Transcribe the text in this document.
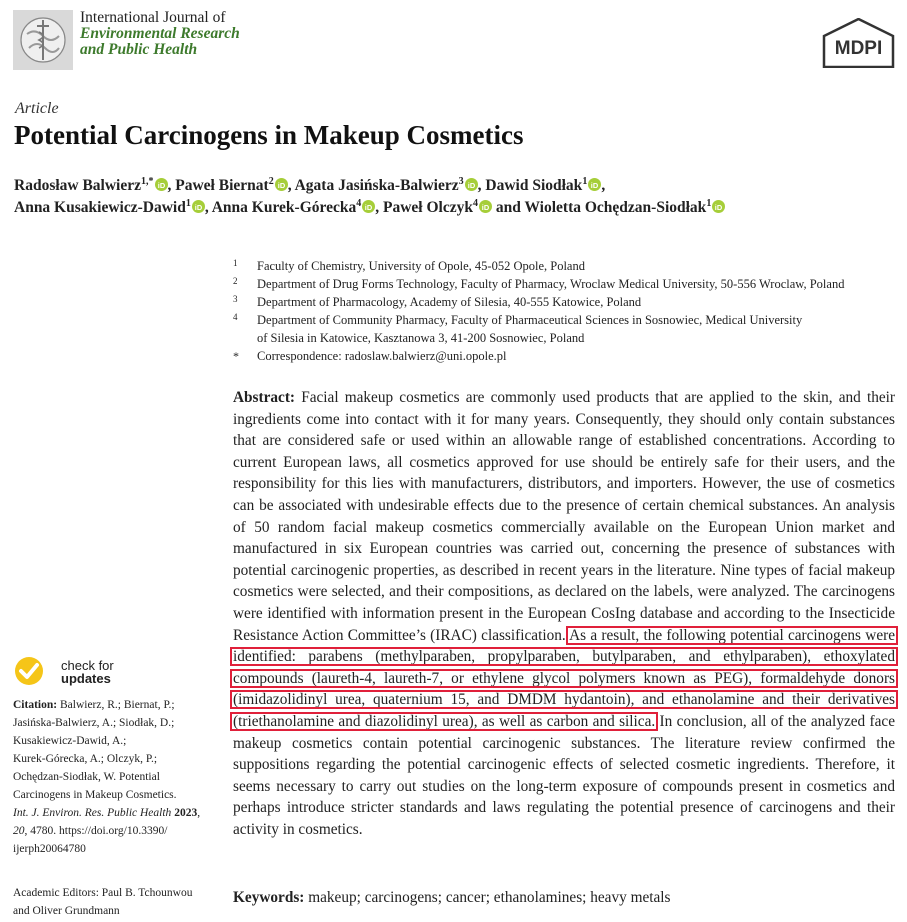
International Journal of
Environmental Research
and Public Health	MDPI
Article
Potential Carcinogens in Makeup Cosmetics
Radosław Balwierz$^{1,*}$ iD , Paweł Biernat$^2$ iD , Agata Jasińska-Balwierz$^3$ iD , Dawid Siodłak$^1$ iD ,
Anna Kusakiewicz-Dawid$^1$ iD , Anna Kurek-Górecka$^4$ iD , Paweł Olczyk$^4$ iD and Wioletta Ochędzan-Siodłak$^1$ iD
1	Faculty of Chemistry, University of Opole, 45-052 Opole, Poland
2	Department of Drug Forms Technology, Faculty of Pharmacy, Wroclaw Medical University, 50-556 Wroclaw, Poland
3	Department of Pharmacology, Academy of Silesia, 40-555 Katowice, Poland
4	Department of Community Pharmacy, Faculty of Pharmaceutical Sciences in Sosnowiec, Medical University
of Silesia in Katowice, Kasztanowa 3, 41-200 Sosnowiec, Poland
*	Correspondence: radoslaw.balwierz@uni.opole.pl

Abstract: Facial makeup cosmetics are commonly used products that are applied to the skin, and their ingredients come into contact with it for many years. Consequently, they should only contain substances that are considered safe or used within an allowable range of established concentrations. According to current European laws, all cosmetics approved for use should be entirely safe for their users, and the responsibility for this lies with manufacturers, distributors, and importers. However, the use of cosmetics can be associated with undesirable effects due to the presence of certain chemical substances. An analysis of 50 random facial makeup cosmetics commercially available on the European Union market and manufactured in six European countries was carried out, concerning the presence of substances with potential carcinogenic properties, as described in recent years in the literature. Nine types of facial makeup cosmetics were selected, and their compositions, as declared on the labels, were analyzed. The carcinogens were identified with information present in the European CosIng database and according to the Insecticide Resistance Action Committee’s (IRAC) classification. As a result, the following potential carcinogens were identified: parabens (methylparaben, propylparaben, butylparaben, and ethylparaben), ethoxylated compounds (laureth-4, laureth-7, or ethylene glycol polymers known as PEG), formaldehyde donors (imidazolidinyl urea, quaternium 15, and DMDM hydantoin), and ethanolamine and their derivatives (triethanolamine and diazolidinyl urea), as well as carbon and silica. In conclusion, all of the analyzed face makeup cosmetics contain potential carcinogenic substances. The literature review confirmed the suppositions regarding the potential carcinogenic effects of selected cosmetic ingredients. Therefore, it seems necessary to carry out studies on the long-term exposure of compounds present in cosmetics and perhaps introduce stricter standards and laws regulating the potential presence of carcinogens and their activity in cosmetics.

Keywords: makeup; carcinogens; cancer; ethanolamines; heavy metals
check for
updates
Citation: Balwierz, R.; Biernat, P.;
Jasińska-Balwierz, A.; Siodłak, D.;
Kusakiewicz-Dawid, A.;
Kurek-Górecka, A.; Olczyk, P.;
Ochędzan-Siodłak, W. Potential
Carcinogens in Makeup Cosmetics.
Int. J. Environ. Res. Public Health 2023,
20, 4780. https://doi.org/10.3390/
ijerph20064780
Academic Editors: Paul B. Tchounwou
and Oliver Grundmann
